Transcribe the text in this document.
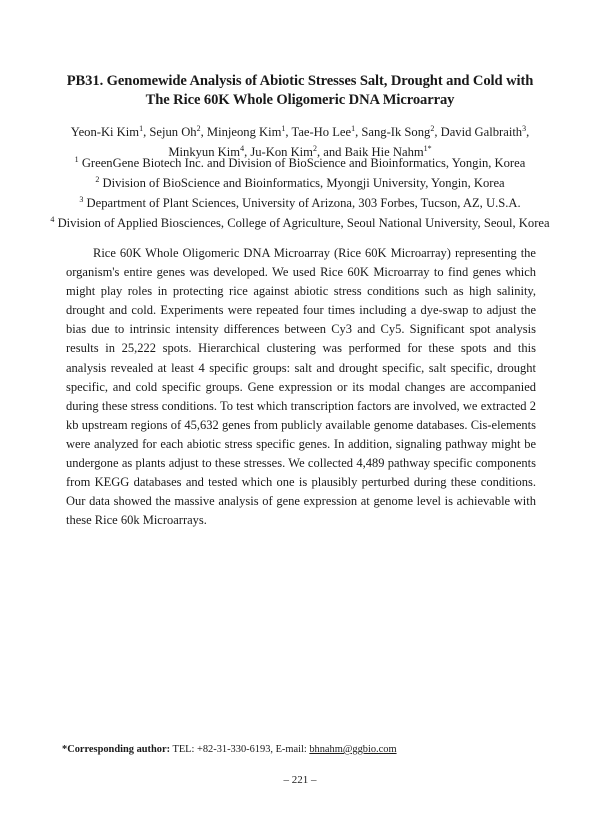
PB31. Genomewide Analysis of Abiotic Stresses Salt, Drought and Cold with
The Rice 60K Whole Oligomeric DNA Microarray
Yeon-Ki Kim$^1$, Sejun Oh$^2$, Minjeong Kim$^1$, Tae-Ho Lee$^1$, Sang-Ik Song$^2$, David Galbraith$^3$,
Minkyun Kim$^4$, Ju-Kon Kim$^2$, and Baik Hie Nahm$^{1*}$
$^1$ GreenGene Biotech Inc. and Division of BioScience and Bioinformatics, Yongin, Korea
$^2$ Division of BioScience and Bioinformatics, Myongji University, Yongin, Korea
$^3$ Department of Plant Sciences, University of Arizona, 303 Forbes, Tucson, AZ, U.S.A.
$^4$ Division of Applied Biosciences, College of Agriculture, Seoul National University, Seoul, Korea

Rice 60K Whole Oligomeric DNA Microarray (Rice 60K Microarray) representing the organism's entire genes was developed. We used Rice 60K Microarray to find genes which might play roles in protecting rice against abiotic stress conditions such as high salinity, drought and cold. Experiments were repeated four times including a dye-swap to adjust the bias due to intrinsic intensity differences between Cy3 and Cy5. Significant spot analysis results in 25,222 spots. Hierarchical clustering was performed for these spots and this analysis revealed at least 4 specific groups: salt and drought specific, salt specific, drought specific, and cold specific groups. Gene expression or its modal changes are accompanied during these stress conditions. To test which transcription factors are involved, we extracted 2 kb upstream regions of 45,632 genes from publicly available genome databases. Cis-elements were analyzed for each abiotic stress specific genes. In addition, signaling pathway might be undergone as plants adjust to these stresses. We collected 4,489 pathway specific components from KEGG databases and tested which one is plausibly perturbed during these conditions. Our data showed the massive analysis of gene expression at genome level is achievable with these Rice 60k Microarrays.

*Corresponding author: TEL: +82-31-330-6193, E-mail: bhnahm@ggbio.com
– 221 –
